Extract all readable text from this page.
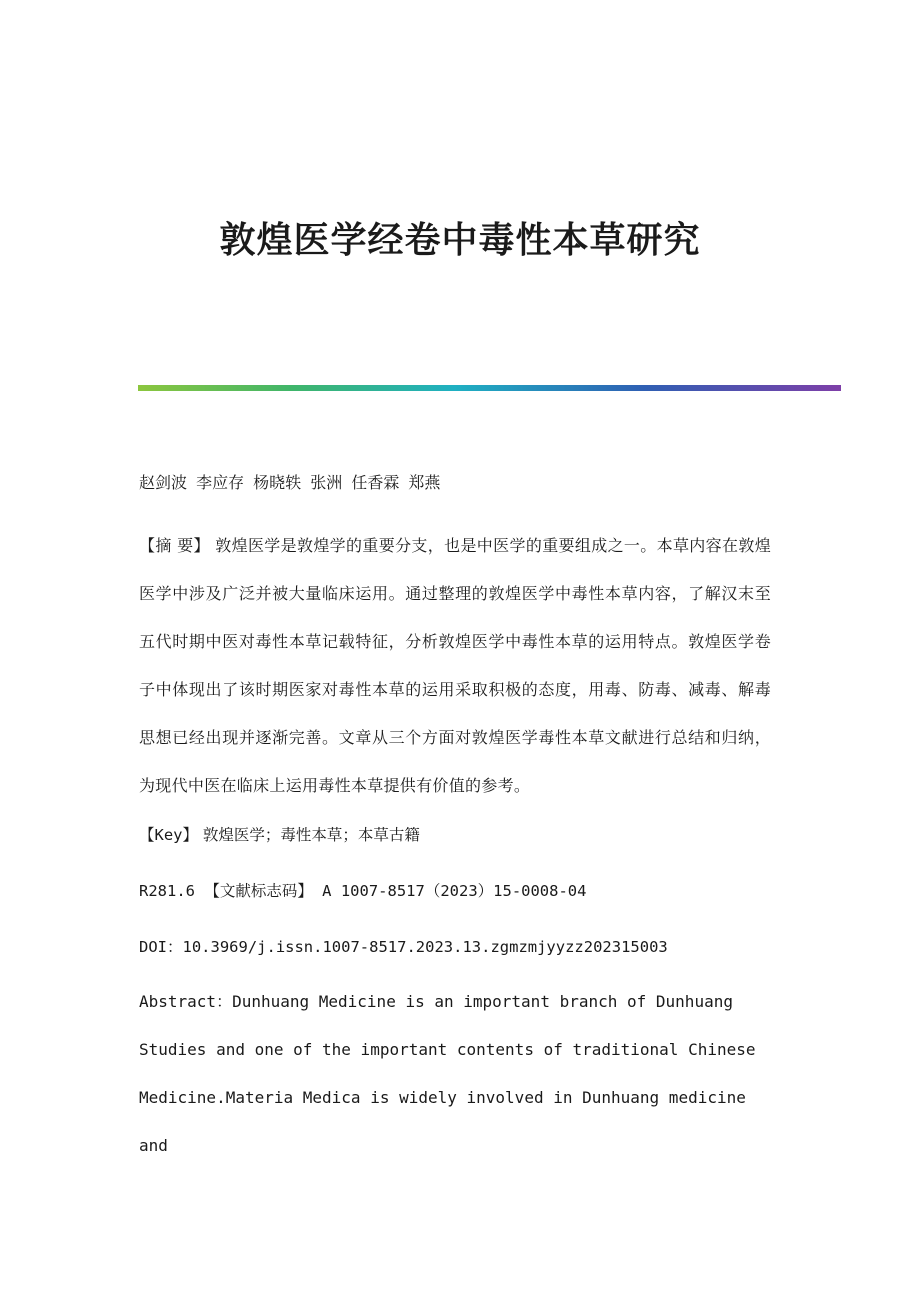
敦煌医学经卷中毒性本草研究

赵剑波 李应存 杨晓轶 张洲 任香霖 郑燕

【摘 要】 敦煌医学是敦煌学的重要分支，也是中医学的重要组成之一。本草内容在敦煌医学中涉及广泛并被大量临床运用。通过整理的敦煌医学中毒性本草内容，了解汉末至五代时期中医对毒性本草记载特征，分析敦煌医学中毒性本草的运用特点。敦煌医学卷子中体现出了该时期医家对毒性本草的运用采取积极的态度，用毒、防毒、减毒、解毒思想已经出现并逐渐完善。文章从三个方面对敦煌医学毒性本草文献进行总结和归纳，为现代中医在临床上运用毒性本草提供有价值的参考。

【Key】 敦煌医学；毒性本草；本草古籍

R281.6 【文献标志码】 A 1007-8517（2023）15-0008-04

DOI：10.3969/j.issn.1007-8517.2023.13.zgmzmjyyzz202315003

Abstract：Dunhuang Medicine is an important branch of Dunhuang Studies and one of the important contents of traditional Chinese Medicine.Materia Medica is widely involved in Dunhuang medicine and
